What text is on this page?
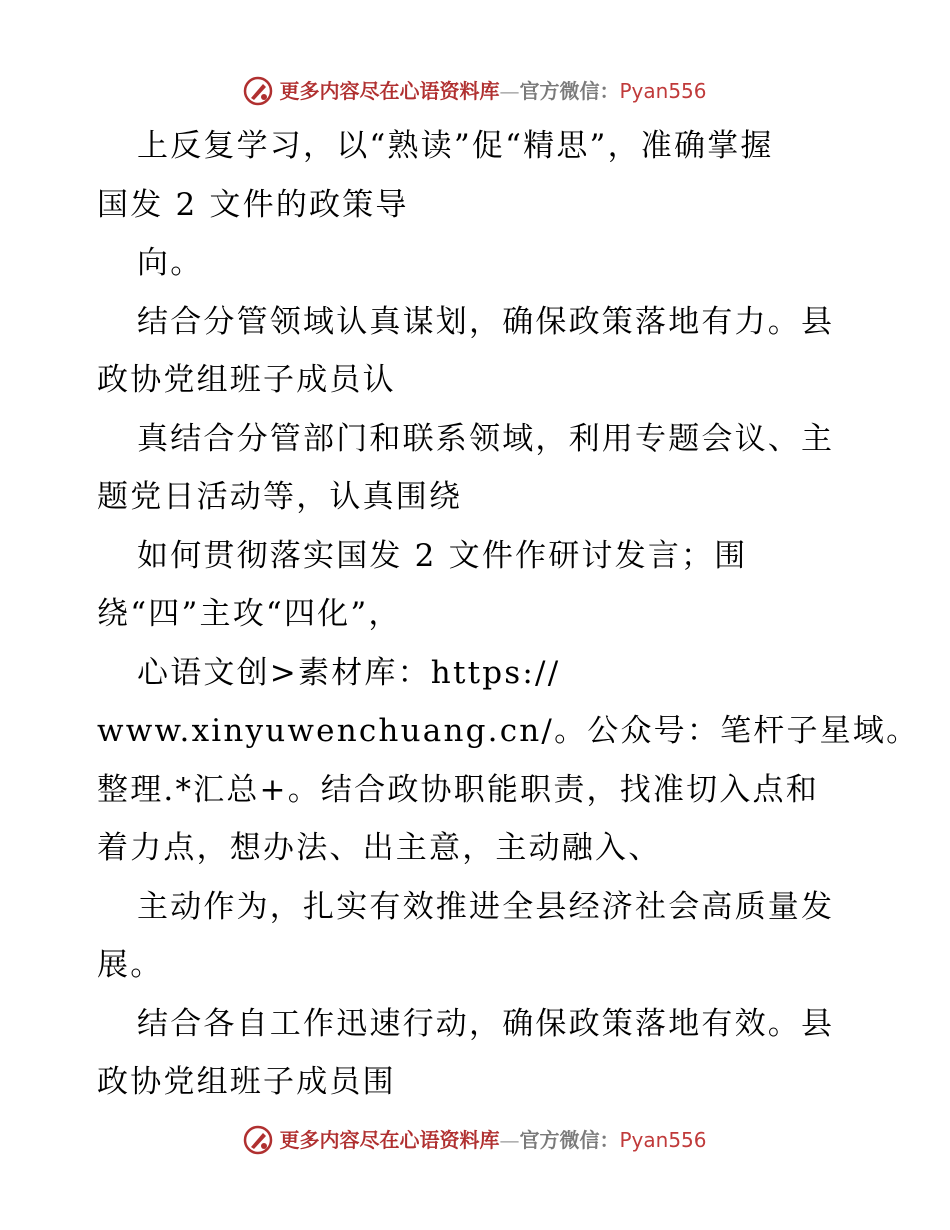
更多内容尽在心语资料库 — 官方微信： Pyan556
上反复学习，以“熟读”促“精思”，准确掌握
国发 2 文件的政策导
向。
结合分管领域认真谋划，确保政策落地有力。县
政协党组班子成员认
真结合分管部门和联系领域，利用专题会议、主
题党日活动等，认真围绕
如何贯彻落实国发 2 文件作研讨发言；围
绕“四”主攻“四化”，
心语文创>素材库：https://
www.xinyuwenchuang.cn/。公众号：笔杆子星域。
整理.*汇总+。结合政协职能职责，找准切入点和
着力点，想办法、出主意，主动融入、
主动作为，扎实有效推进全县经济社会高质量发
展。
结合各自工作迅速行动，确保政策落地有效。县
政协党组班子成员围
更多内容尽在心语资料库 — 官方微信： Pyan556
